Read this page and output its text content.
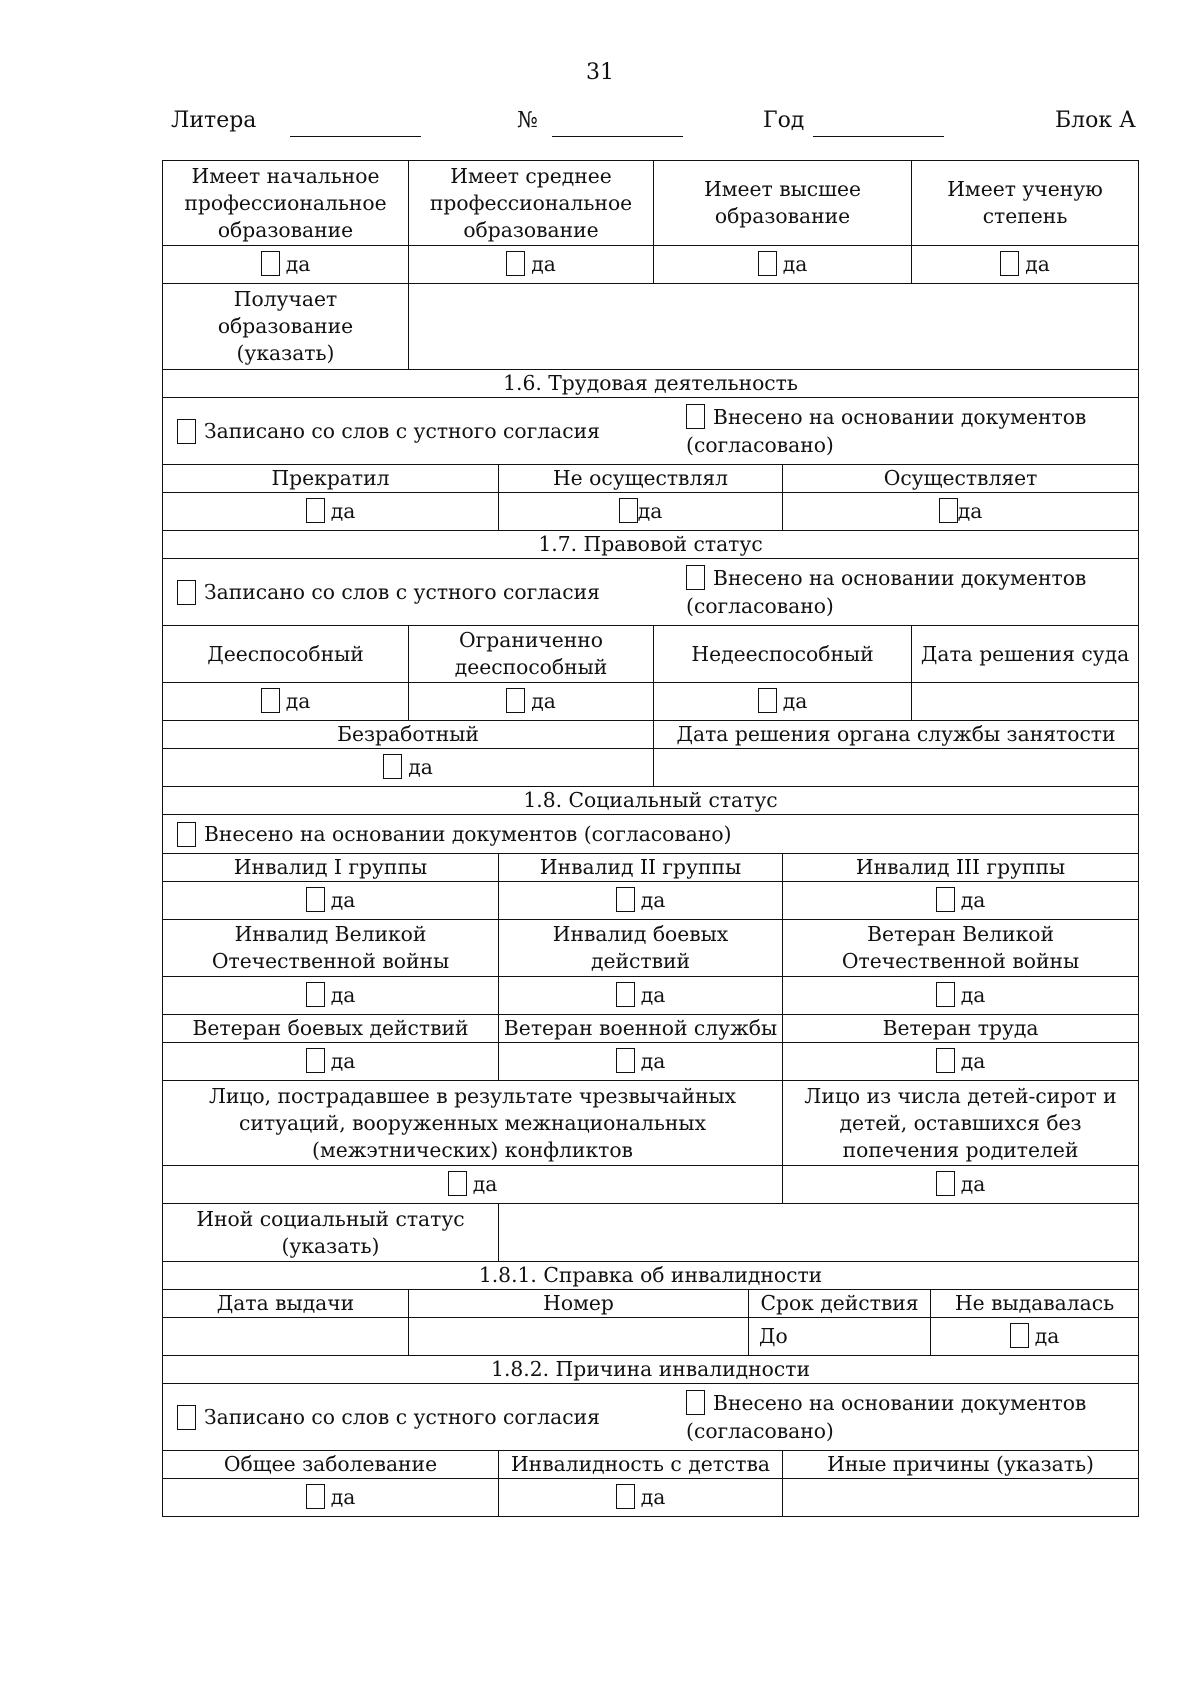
31
Литера	№	Год	Блок А
Имеет начальное профессиональное образование	Имеет среднее профессиональное образование		Имеет высшее образование			Имеет ученую степень	
да	да		да			да	
Получает образование (указать)							
1.6. Трудовая деятельность							

Записано со слов с устного согласия
Внесено на основании документов (согласовано)							

Прекратил		Не осуществлял			Осуществляет		
да		да			да		
1.7. Правовой статус							

Записано со слов с устного согласия
Внесено на основании документов (согласовано)							

Дееспособный	Ограниченно дееспособный		Недееспособный			Дата решения суда	
да	да		да				
Безработный			Дата решения органа службы занятости				
да							
1.8. Социальный статус							

Внесено на основании документов (согласовано)							

Инвалид I группы		Инвалид II группы			Инвалид III группы		
да		да			да		
Инвалид Великой Отечественной войны		Инвалид боевых действий			Ветеран Великой Отечественной войны		
да		да			да		
Ветеран боевых действий		Ветеран военной службы			Ветеран труда		
да		да			да		
Лицо, пострадавшее в результате чрезвычайных ситуаций, вооруженных межнациональных (межэтнических) конфликтов					Лицо из числа детей-сирот и детей, оставшихся без попечения родителей		
да					да		
Иной социальный статус (указать)							
1.8.1. Справка об инвалидности							
Дата выдачи	Номер			Срок действия			Не выдавалась
				До			да
1.8.2. Причина инвалидности							

Записано со слов с устного согласия
Внесено на основании документов (согласовано)							

Общее заболевание		Инвалидность с детства			Иные причины (указать)		
да		да					
